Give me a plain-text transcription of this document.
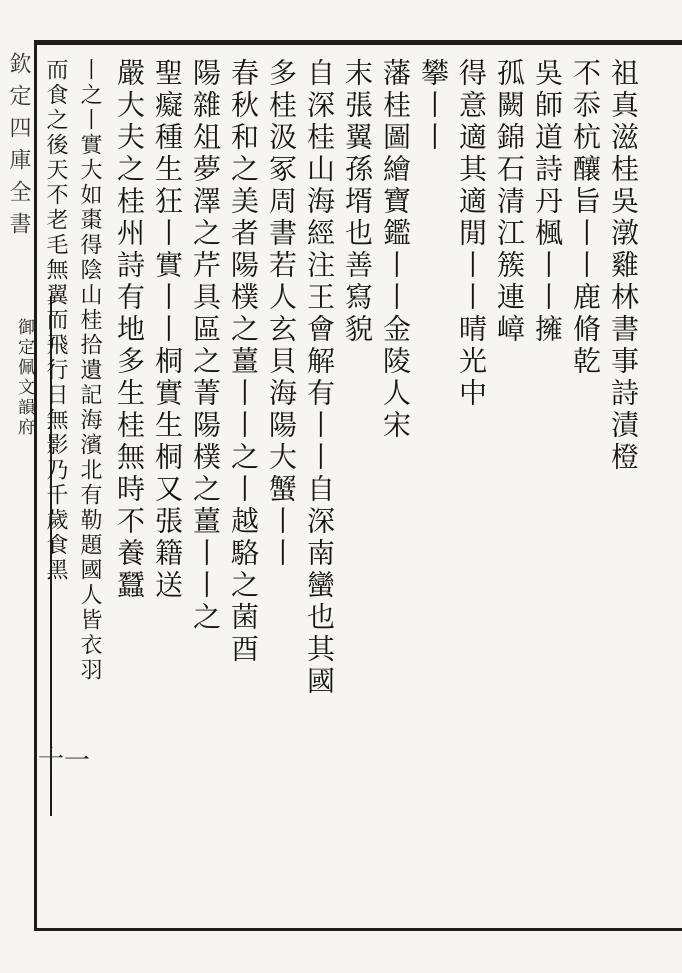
欽定四庫全書
御定佩文韻府
十一
祖真滋桂吳潡雞林書事詩漬橙
不忝杭釀旨丨丨鹿脩乾
吳師道詩丹楓丨丨擁
孤闕錦石清江簇連嶂
得意適其適閒丨丨晴光中
攀丨丨
藩桂圖繪寶鑑丨丨金陵人宋
末張翼孫壻也善寫貌
自深桂山海經注王會解有丨丨自深南蠻也其國
多桂汲冢周書若人玄貝海陽大蟹丨丨
春秋和之美者陽樸之薑丨丨之丨越駱之菌酉
陽雜俎夢澤之芹具區之菁陽樸之薑丨丨之
聖癡種生狂丨實丨丨桐實生桐又張籍送
嚴大夫之桂州詩有地多生桂無時不養蠶
丨之丨實大如棗得陰山桂拾遺記海濱北有勒題國人皆衣羽
而食之後天不老毛無翼而飛行日無影乃千歲食黑
